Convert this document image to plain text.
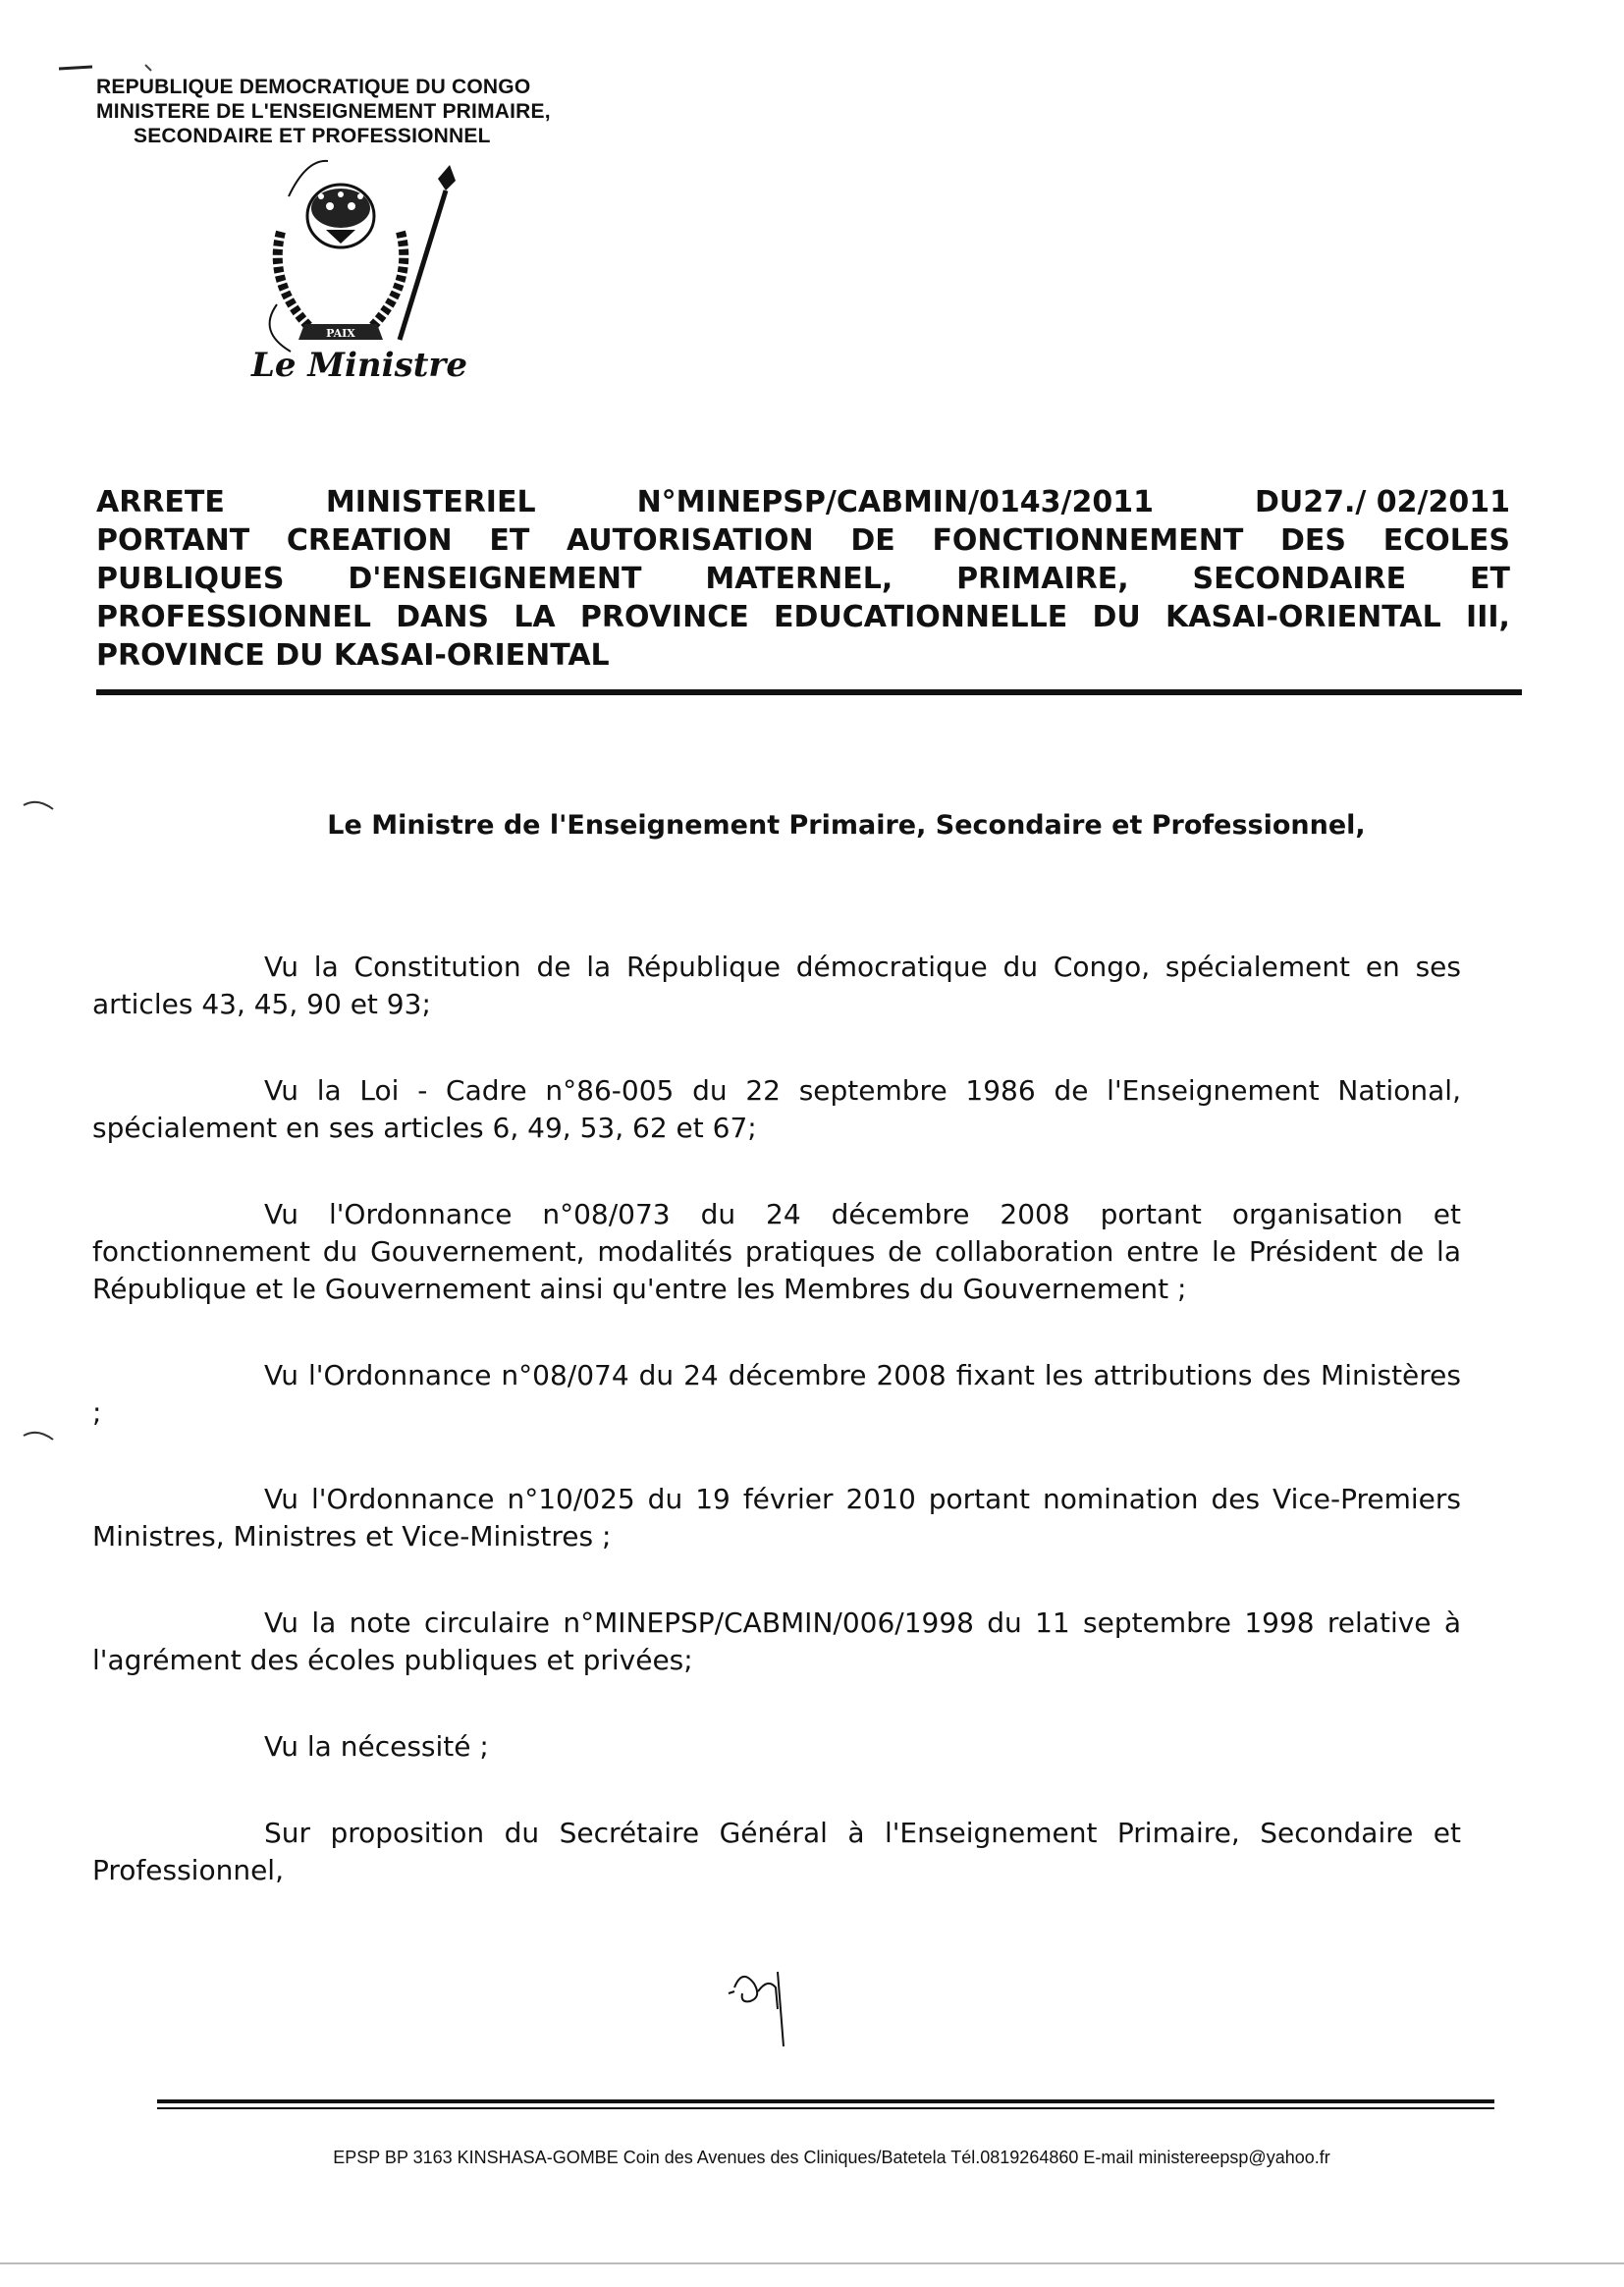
REPUBLIQUE DEMOCRATIQUE DU CONGO
MINISTERE DE L'ENSEIGNEMENT PRIMAIRE,
SECONDAIRE ET PROFESSIONNEL
PAIX
Le Ministre
ARRETE	MINISTERIEL	N°MINEPSP/CABMIN/0143/2011	DU27./ 02/2011
PORTANT CREATION ET AUTORISATION DE FONCTIONNEMENT DES ECOLES
PUBLIQUES D'ENSEIGNEMENT MATERNEL, PRIMAIRE, SECONDAIRE ET
PROFESSIONNEL DANS LA PROVINCE EDUCATIONNELLE DU KASAI-ORIENTAL III,
PROVINCE DU KASAI-ORIENTAL
Le Ministre de l'Enseignement Primaire, Secondaire et Professionnel,

Vu la Constitution de la République démocratique du Congo, spécialement en ses articles 43, 45, 90 et 93;

Vu la Loi - Cadre n°86-005 du 22 septembre 1986 de l'Enseignement National, spécialement en ses articles 6, 49, 53, 62 et 67;

Vu l'Ordonnance n°08/073 du 24 décembre 2008 portant organisation et fonctionnement du Gouvernement, modalités pratiques de collaboration entre le Président de la République et le Gouvernement ainsi qu'entre les Membres du Gouvernement ;

Vu l'Ordonnance n°08/074 du 24 décembre 2008 fixant les attributions des Ministères ;

Vu l'Ordonnance n°10/025 du 19 février 2010 portant nomination des Vice-Premiers Ministres, Ministres et Vice-Ministres ;

Vu la note circulaire n°MINEPSP/CABMIN/006/1998 du 11 septembre 1998 relative à l'agrément des écoles publiques et privées;

Vu la nécessité ;

Sur proposition du Secrétaire Général à l'Enseignement Primaire, Secondaire et Professionnel,

EPSP BP 3163 KINSHASA-GOMBE Coin des Avenues des Cliniques/Batetela Tél.0819264860 E-mail ministereepsp@yahoo.fr
